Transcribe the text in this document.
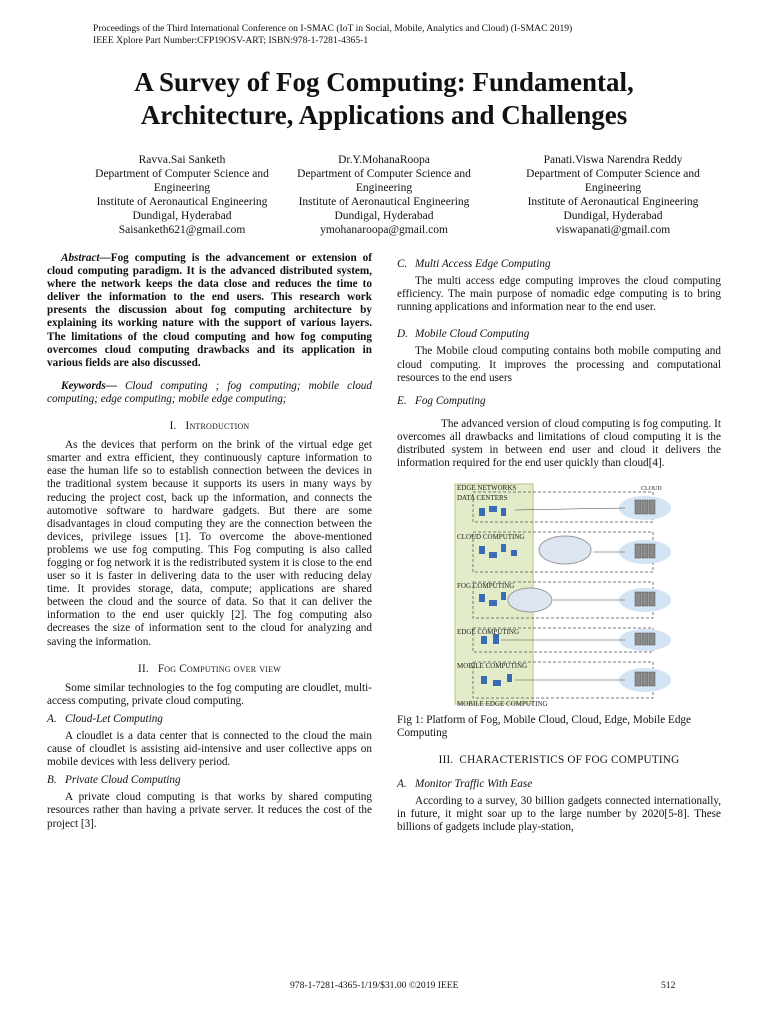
Proceedings of the Third International Conference on I-SMAC (IoT in Social, Mobile, Analytics and Cloud) (I-SMAC 2019)
IEEE Xplore Part Number:CFP19OSV-ART; ISBN:978-1-7281-4365-1
A Survey of Fog Computing: Fundamental,
Architecture, Applications and Challenges
Ravva.Sai Sanketh
Department of Computer Science and
Engineering
Institute of Aeronautical Engineering
Dundigal, Hyderabad
Saisanketh621@gmail.com
Dr.Y.MohanaRoopa
Department of Computer Science and
Engineering
Institute of Aeronautical Engineering
Dundigal, Hyderabad
ymohanaroopa@gmail.com
Panati.Viswa Narendra Reddy
Department of Computer Science and
Engineering
Institute of Aeronautical Engineering
Dundigal, Hyderabad
viswapanati@gmail.com

Abstract—Fog computing is the advancement or extension of cloud computing paradigm. It is the advanced distributed system, where the network keeps the data close and reduces the time to deliver the information to the end users. This research work presents the discussion about fog computing architecture by explaining its working nature with the support of various layers. The limitations of the cloud computing and how fog computing overcomes cloud computing drawbacks and its application in various fields are also discussed.

Keywords— Cloud computing ; fog computing; mobile cloud computing; edge computing; mobile edge computing;

I. Introduction

As the devices that perform on the brink of the virtual edge get smarter and extra efficient, they continuously capture information to ease the human life so to establish connection between the devices in the traditional system because it supports its users in many ways by reducing the project cost, back up the information, and connects the automotive software to hardware gadgets. But there are some disadvantages in cloud computing they are the connection between the devices, privilege issues [1]. To overcome the above-mentioned problems we use fog computing. This Fog computing is also called fogging or fog network it is the redistributed system it is close to the end user so it is faster in delivering data to the user with reducing delay time. It provides storage, data, compute; applications are shared between the cloud and the source of data. So that it can deliver the information to the end user quickly [2]. The fog computing also decreases the size of information sent to the cloud for analyzing and saving the information.

II. Fog Computing over view

Some similar technologies to the fog computing are cloudlet, multi-access computing, private cloud computing.

A. Cloud-Let Computing

A cloudlet is a data center that is connected to the cloud the main cause of cloudlet is assisting aid-intensive and user collective apps on mobile devices with less delivery period.

B. Private Cloud Computing

A private cloud computing is that works by shared computing resources rather than having a private server. It reduces the cost of the project [3].

C. Multi Access Edge Computing

The multi access edge computing improves the cloud computing efficiency. The main purpose of nomadic edge computing is to bring running applications and information near to the end user.

D. Mobile Cloud Computing

The Mobile cloud computing contains both mobile computing and cloud computing. It improves the processing and computational resources to the end users

E. Fog Computing

The advanced version of cloud computing is fog computing. It overcomes all drawbacks and limitations of cloud computing it is the distributed system in between end user and cloud it delivers the information required for the end user quickly than cloud[4].

EDGE NETWORKS
DATA CENTERS
CLOUD
CLOUD COMPUTING
FOG COMPUTING
EDGE COMPUTING
MOBILE COMPUTING
MOBILE EDGE COMPUTING

Fig 1: Platform of Fog, Mobile Cloud, Cloud, Edge, Mobile Edge Computing

III. CHARACTERISTICS OF FOG COMPUTING
A. Monitor Traffic With Ease

According to a survey, 30 billion gadgets connected internationally, in future, it might soar up to the large number by 2020[5-8]. These billions of gadgets include play-station,

978-1-7281-4365-1/19/$31.00 ©2019 IEEE	512
